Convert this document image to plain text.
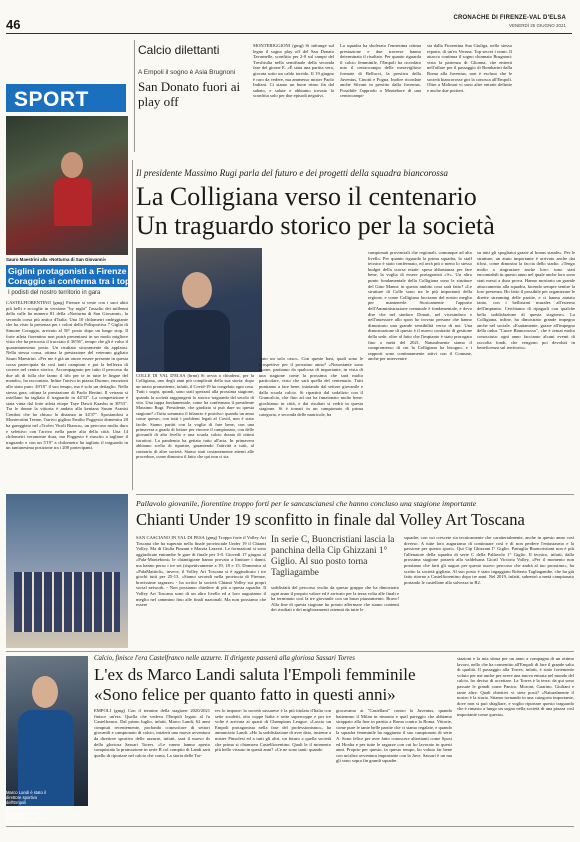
46	CRONACHE DI FIRENZE-VAL D'ELSA
VENERDÌ 25 GIUGNO 2021
SPORT
Calcio dilettanti
A Empoli il sogno è Asia Brugnoni
San Donato fuori ai play off
MONTERIGGIONI (gmg) Si infrange sul legno il sogno play off del San Donato Tavarnelle, sconfitto per 2-0 sul campo del Tresfriulia nella semifinale della seconda fase del girone E. «È stata una partita vera, giocata sotto un caldo torrido. Il 19 giugno è raro da vedere, ma ammesso mister Paolo Indiani. Ci siamo un buon ritmo fin dal sabato, e salute e abbiamo trovato la sconfitta solo per due episodi negativi.
La squadra ha sbolerato l'ennesima ottima prestazione e due traverse hanno determinato il risultato. Per quanto riguarda il calcio femminile, l'Empoli ha ricordato mio il centrocampo delle meravigliose formate di Bellucci, la prestiva della Juventus, Cinotti e Fogna. Inoltre ricordate anche Silvani in prestito dalla Juventus. Possibile l'approdo a Montebore di una centrocampi-
sta dalla Fiorentina Sua Giuliga, nello stesso reparto, di un'ex Verona. Top secret i nomi. Il attacco continua il sogno chiamato Brugnoni: vista la partenza di Glionna, che entrerà nell'affare per il passaggio di Bombarini dalla Roma alla Juventus, non è escluso che le società biancorosse giri la conosca all'Empoli. Oltre a Molinari vi sono altre entrate definite e anche due portieri.
Sauro Maestrini alla «Notturna di San Giovanni»
Giglini protagonisti a Firenze
Coraggio si conferma tra i top
I podisti del nostro territorio in gara
CASTELFIORENTINO (gmg) Firenze si veste con i suoi abiti più belli e accoglie in versione "by night" l'assalto dei millenni della valle ha numero 81 della «Notturna di San Giovanni», la seconda corsa più antica d'Italia. Una 10 chilometri ondeggiante che ha visto la presenza per i colori della Polisportiva 7 Giglio di Simone Coraggio, arrivato al 50° posto dopo un lungo stop. Il forte atleta fiorentino non potrà presentarsi in un modo migliore visto che ha percorso il tracciato il 36'56", tempo che gli è valso il quarantunesimo posto. Un risultato sicuramente da applausi. Nella stessa corsa, ottima la prestazione del veterano gigliato Sauro Maestrini. «Per me è già un onore essere presente in questa corsa partecipata da così tanti campioni e poi la bellezza di correre nel centro storico. Accompagnato per tutto il percorso da due ali di folla che fanno il tifo per te in tutte le lingue del mondo», ha raccontato. Infine l'arrivo in piazza Duomo, emozioni allo stato puro. 49'10" il suo tempo, ma è solo un dettaglio. Nella stessa gara, ottima la prestazione di Paolo Bertini. Il vetrano si ostellano ha tagliato il traguardo in 44'33". La competizione è stata vinta dal forte atleta etiope Taye Dawit Kaashu in 30'53". Tra le donne la vittoria è andata alla keniana Susan Aranisi Cemboi che ha chiuso la distanza in 34'37". Spostandosi a Montecatini Terme, l'arrivo giglino Emilio Poggesio domenica 20 ha gareggiato nel «Trofeo Viroli Bianca», un percorso molto duro e selettivo con l'arrivo nella parte alta della città. Una 14 chilometri veramente dura, ma Poggesio è riuscito a tagliare il traguardo e con un 5'19" a chilometro ha tagliato il traguardo in un tantunesima posizione tra i 200 partecipanti.
Il presidente Massimo Rugi parla del futuro e dei progetti della squadra biancorossa
La Colligiana verso il centenario
Un traguardo storico per la società
COLLE DI VAL D'ELSA (brnn) Si avvia a chiudersi, per la Colligiana, uno degli anni più complicati della sua storia: dopo un inizio promettente, infatti, il Covid-19 ha congelato ogni cosa. Tutti i sogni, quindi, sono stati spezzati alla prossima stagione, quando la società raggiungerà lo storico traguardo del secolo di vita. Una tappa fondamentale, come ha confermato il presidente Massimo Rugi. Presidente, che giudizio si può dare su questa stagione? «Tutto sommato il bilancio è positivo: quando un anno come questo, con tutti i problemi legati al Covid, non è stato facile. Siamo partiti con la voglia di fare bene, con una primavera a guado di lottare per vincere il campionato, con delle giovanili di alto livello e una scuola calcio dotata di ottimi istruttori. La pandemia ha gettato tutto all'aria. In primavera abbiamo scelto di ripartire, garantendo l'attività a tutti, al contrario di altre società. Siamo stati costantemente attenti alle procedure, come dimostra il fatto che qui non ci sia
stato un solo caso». Con queste basi, quali sono le prospettive per il prossimo anno? «Nonostante sono buone, partiamo da qualcosa di importante, in vista di una stagione come la prossima che sarà molto particolare, visto che sarà quella del centenario. Tutti puntiamo a fare bene, iniziando dal settore giovanile e dalla scuola calcio. Si ripartirà dal sodalizio con il Grancalcio, che fino ad ora ha funzionato molto bene: giochiamo in città, e dai risultati si vedrà in questa stagione. Si è tornati in un campionato di prima categoria, e seconda delle matricole, ha
campionati provinciali che regionali, comunque ad alto livello. Per quanto riguarda la prima squadra, lo staff tecnico è stato confermato, ed avrà più o meno lo stesso budget della scorsa estate: spesa abbastanza per fare bene, la voglia di essere protagonisti c'è». Un altro punto fondamentale della Colligiana sono le strutture del Gino Manni: in questo ambito cosa sarà fatto? «Le strutture di Colle sono tra le più importanti della regione, e come Colligiana facciamo del nostro meglio per mantenerle. Storicamente l'apporto dell'Amministrazione comunale è fondamentale, e devo dire che nel sindaco Donati, nel vicesindaco e nell'assessore allo sport ho trovato persone che hanno dimostrato una grande sensibilità verso di noi. Una dimostrazione di questo è il nuovo contratto di gestione della sede, oltre al fatto che l'impianto è stato prorogato fino a metà del 2021. Naturalmente siamo il compromesso di cui la Colligiana ha bisogno, e i rapporti sono continuamente attivi con il Comune, anche per intervenire
su tutti gli spogliatoi grazie al bonus statale». Per le strutture, un aiuto importante è arrivato anche dai tifosi, come dimostra la faccia dello stadio. «Tengo molto a ringraziare anche loro: sono stati encomiabili in questo anno nel quale anche loro sono stati messi a dura prova. Hanno mostrato un grande attaccamento alla squadra, facendo sempre sentire la loro presenza. Ho fatto il possibile per organizzare le dirette streaming delle partite, e ci hanno aiutato tanto, con i bellissimi murales all'esterno dell'impianto. Cerchiamo di ripagarli con qualche bella soddisfazione di questa stagione». La Colligiana, infine, ha dimostrato grande impegno anche nel sociale. «Esattamente, grazie all'impegno della onlus "Cuore Biancorosso", che è ormai molto conosciuta: ogni anno facciamo alcuni eventi di raccolta fondi, che vengono poi devoluti in beneficenza sul territorio».
Pallavolo giovanile, fiorentine troppo forti per le sancascianesi che hanno concluso una stagione importante
Chianti Under 19 sconfitto in finale dal Volley Art Toscana
SAN CASCIANO IN VAL DI PESA (gmg) Troppo forte il Volley Art Toscana che ha superato nella finale provinciale Under 19 il Chianti Volley. Ma di Giulia Pinzani e Marzia Lazzeri. Le formazioni si sono aggiudicate entrambe le gare di finale per 3-0. Giovedì 17 giugno al «Pala-Monteboni» le chiantigiane hanno provato a limitare i danni, ma hanno perso i tre set (rispettivamente a 19, 18 e 15. Domenica al «PalaMattioli», invece, il Volley Art Toscana si è aggiudicato i tre giochi tutti per 25-13. «Siamo secondi nella provincia di Firenze, bravissime ragazze» - ha scritto la società Chianti Volley sui propri social network. - Non possiamo chiedere di più a questa squadra. Il Volley Art Toscana sono di un altro livello ed a loro auguriamo il meglio nel cammino fino alle finali nazionali. Ma non possiamo che essere
In serie C, Buoncristiani lascia la panchina della Cip Ghizzani 1° Giglio. Al suo posto torna Tagliagambe
soddisfatti del percorso svolto da questo gruppo che ha dimostrato ogni anno il proprio valore ed è arrivato per la terza volta alle finali e ha terminato così la tre giovanile con un buon piazzamento. Bravo! Alla fine di questa stagione ho potuto affermare che siamo contenti dei risultati e dei miglioramenti ottenuti da tutte le
squadre, con cui crescete sia tecnicamente che caratterialmente, anche in questo anno così diverso. A tutte loro auguriamo di continuare così e di non perdere l'entusiasmo e la passione per questo sport». Qui Cip Ghizzani I° Giglio. Pattuglia Buoncristiani non è più l'allenatore della squadra di serie C della Pallavolo 1° Giglio. Il tecnico, infatti, dalla prossima stagione passerà alla valdelsana Gioril Victoria Volley, «Per il momento non possiamo che farti gli auguri per questo nuovo percorso che andrà al tuo prossimo», ha scritto la società gigliata. Al suo posto è stato ingaggiato Roberto Tagliagambe, che ha già fatto ritorno a Castelfiorentino dopo tre anni. Nel 2019, infatti, subentrò a metà campionato portando le castellane alla salvezza in B2.
Marco Landi è stato il direttore sportivo dell'Empoli femminile. Si appresta a vivere una nuova avventura (foto Empoli Fc)
Calcio, finisce l'era Castelfranco nelle azzurre. Il dirigente passerà alla gloriosa Sassari Torres
L'ex ds Marco Landi saluta l'Empoli femminile
«Sono felice per quanto fatto in questi anni»
EMPOLI (gmg) Con il termine della stagione 2020/2021 finisce un'era. Quella che vedeva l'Empoli legato al fu Castelfranco. Dal primo luglio, infatti, Marco Landi, 62 anni compiuti recentemente, profondo conoscitore di settori giovanili e campionato di calcio, inizierà una nuova avventura da direttore sportivo delle azzurre, infatti, sarà il nuovo ds della gloriosa Sassari Torres. «Le vanno hanno aperto conquistato la promozione in serie B col compito di Landi sarà quello di riportare nel calcio che conta. La storia delle Tor-
res lo impone: la società sassarese è la più titolata d'Italia con sette scudetti, otto coppe Italia e sette supercoppe e per tre volte è arrivata ai quarti di Champions League. «Lascio un Empoli protagonista nella fase del professionismo», ha annunciato Landi. «Ho la soddisfazione di aver dato, insieme a mister Pinsolesi ed a tutti gli altri, un futuro a quella società che prima si chiamava Castelfiorentino. Quali le il momento più bello vissuto in questi anni? «Ce ne sono tanti: quando
giocavamo ai "Castellani" contro la Juventus, quando battemmo il Milan in rimonta e quel pareggio che abbiamo strappato alla fine in partita a Roma contro la Roma. Vittorie, come pure le tante belle partite che ci siamo regalate, e quando la squadra femminile ha raggiunto il suo campionato di serie A. Sono felice per aver fatto conoscere altrettanti come Sposi ed Hoxha e per tutte le ragazze con cui ho lavorato in questi anni. Proprio per questo, in questo tempo, ho voluto far bene con un'altra avventura importante con la Juve. Sassari è un ma gli sono sopra fin grandi squadre.
stazioni e la mia stima per un anno a compagna di un ottimo lavoro, nello che ha consentito all'Empoli di fare il grande salto di qualità. Il passaggio alla Torres, infatti, è stato fortemente voluto per me anche per avere una nuova entrata nel mondo del calcio, ho deciso di accettare. La Torres è la terra: da qui sono passate le grandi come Panico, Moroni, Guarino, Giuliani e tante altre. Quali obiettivi vi siete posti? «Naturalmente il nostro è la storia. Stiamo tornando in una categoria importante, dove non si può sbagliare, e voglio riportare questo traguardo che è rimasto a lungo un sogno nella società di una piazza così importante come questa».
